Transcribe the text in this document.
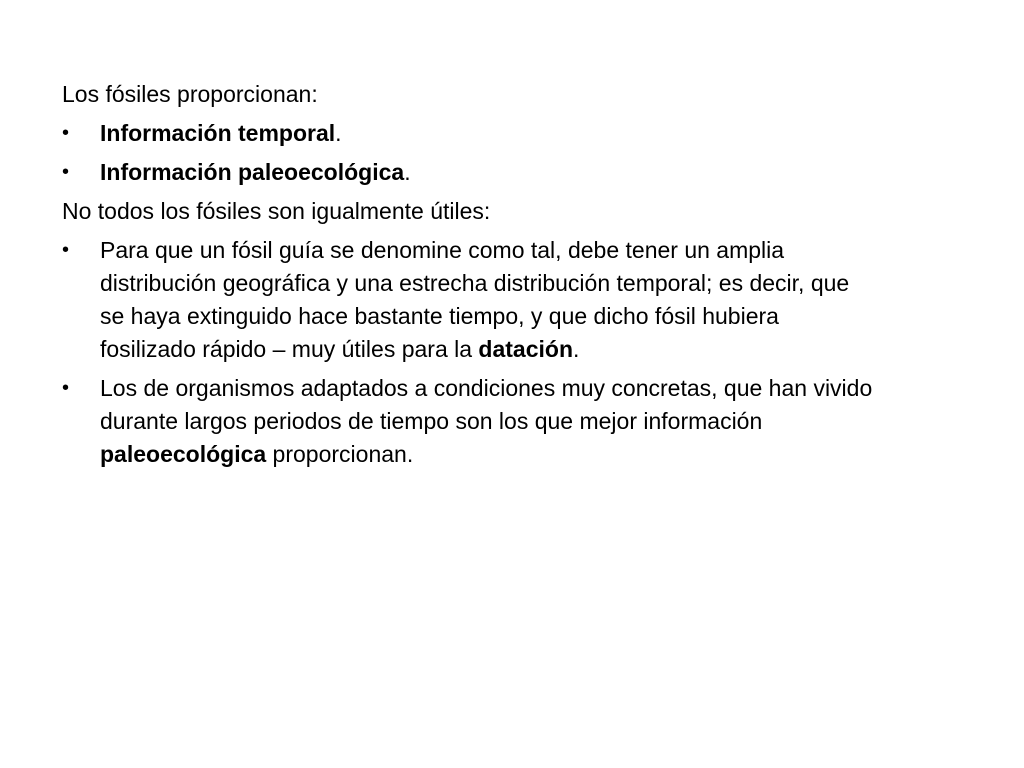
Los fósiles proporcionan:

•	Información temporal.
•	Información paleoecológica.

No todos los fósiles son igualmente útiles:

•	Para que un fósil guía se denomine como tal, debe tener un amplia
distribución geográfica y una estrecha distribución temporal; es decir, que
se haya extinguido hace bastante tiempo, y que dicho fósil hubiera
fosilizado rápido – muy útiles para la datación.
•	Los de organismos adaptados a condiciones muy concretas, que han vivido
durante largos periodos de tiempo son los que mejor información
paleoecológica proporcionan.
